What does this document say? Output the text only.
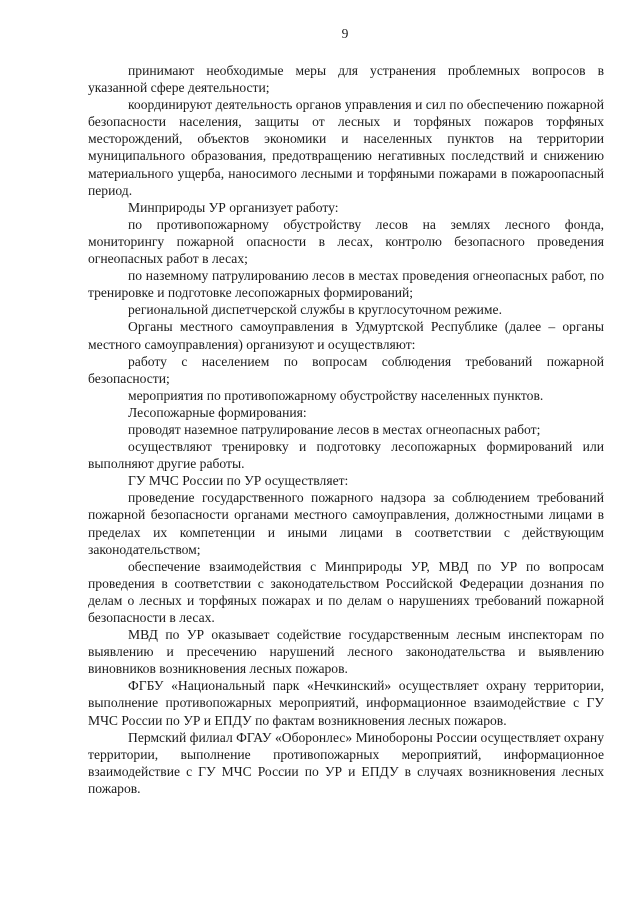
9

принимают необходимые меры для устранения проблемных вопросов в указанной сфере деятельности;

координируют деятельность органов управления и сил по обеспечению пожарной безопасности населения, защиты от лесных и торфяных пожаров торфяных месторождений, объектов экономики и населенных пунктов на территории муниципального образования, предотвращению негативных последствий и снижению материального ущерба, наносимого лесными и торфяными пожарами в пожароопасный период.

Минприроды УР организует работу:

по противопожарному обустройству лесов на землях лесного фонда, мониторингу пожарной опасности в лесах, контролю безопасного проведения огнеопасных работ в лесах;

по наземному патрулированию лесов в местах проведения огнеопасных работ, по тренировке и подготовке лесопожарных формирований;

региональной диспетчерской службы в круглосуточном режиме.

Органы местного самоуправления в Удмуртской Республике (далее – органы местного самоуправления) организуют и осуществляют:

работу с населением по вопросам соблюдения требований пожарной безопасности;

мероприятия по противопожарному обустройству населенных пунктов.

Лесопожарные формирования:

проводят наземное патрулирование лесов в местах огнеопасных работ;

осуществляют тренировку и подготовку лесопожарных формирований или выполняют другие работы.

ГУ МЧС России по УР осуществляет:

проведение государственного пожарного надзора за соблюдением требований пожарной безопасности органами местного самоуправления, должностными лицами в пределах их компетенции и иными лицами в соответствии с действующим законодательством;

обеспечение взаимодействия с Минприроды УР, МВД по УР по вопросам проведения в соответствии с законодательством Российской Федерации дознания по делам о лесных и торфяных пожарах и по делам о нарушениях требований пожарной безопасности в лесах.

МВД по УР оказывает содействие государственным лесным инспекторам по выявлению и пресечению нарушений лесного законодательства и выявлению виновников возникновения лесных пожаров.

ФГБУ «Национальный парк «Нечкинский» осуществляет охрану территории, выполнение противопожарных мероприятий, информационное взаимодействие с ГУ МЧС России по УР и ЕПДУ по фактам возникновения лесных пожаров.

Пермский филиал ФГАУ «Оборонлес» Минобороны России осуществляет охрану территории, выполнение противопожарных мероприятий, информационное взаимодействие с ГУ МЧС России по УР и ЕПДУ в случаях возникновения лесных пожаров.
